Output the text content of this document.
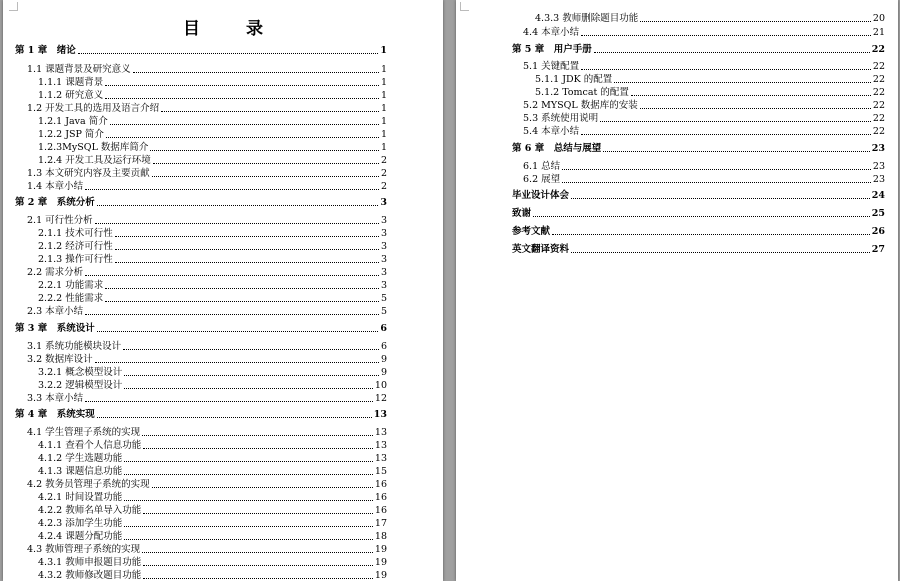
目 录
第 1 章　绪论	1
1.1 课题背景及研究意义	1
1.1.1 课题背景	1
1.1.2 研究意义	1
1.2 开发工具的选用及语言介绍	1
1.2.1 Java 简介	1
1.2.2 JSP 简介	1
1.2.3MySQL 数据库简介	1
1.2.4 开发工具及运行环境	2
1.3 本文研究内容及主要贡献	2
1.4 本章小结	2
第 2 章　系统分析	3
2.1 可行性分析	3
2.1.1 技术可行性	3
2.1.2 经济可行性	3
2.1.3 操作可行性	3
2.2 需求分析	3
2.2.1 功能需求	3
2.2.2 性能需求	5
2.3 本章小结	5
第 3 章　系统设计	6
3.1 系统功能模块设计	6
3.2 数据库设计	9
3.2.1 概念模型设计	9
3.2.2 逻辑模型设计	10
3.3 本章小结	12
第 4 章　系统实现	13
4.1 学生管理子系统的实现	13
4.1.1 查看个人信息功能	13
4.1.2 学生选题功能	13
4.1.3 课题信息功能	15
4.2 教务员管理子系统的实现	16
4.2.1 时间设置功能	16
4.2.2 教师名单导入功能	16
4.2.3 添加学生功能	17
4.2.4 课题分配功能	18
4.3 教师管理子系统的实现	19
4.3.1 教师申报题目功能	19
4.3.2 教师修改题目功能	19
4.3.3 教师删除题目功能	20
4.4 本章小结	21
第 5 章　用户手册	22
5.1 关键配置	22
5.1.1 JDK 的配置	22
5.1.2 Tomcat 的配置	22
5.2 MYSQL 数据库的安装	22
5.3 系统使用说明	22
5.4 本章小结	22
第 6 章　总结与展望	23
6.1 总结	23
6.2 展望	23
毕业设计体会	24
致谢	25
参考文献	26
英文翻译资料	27
